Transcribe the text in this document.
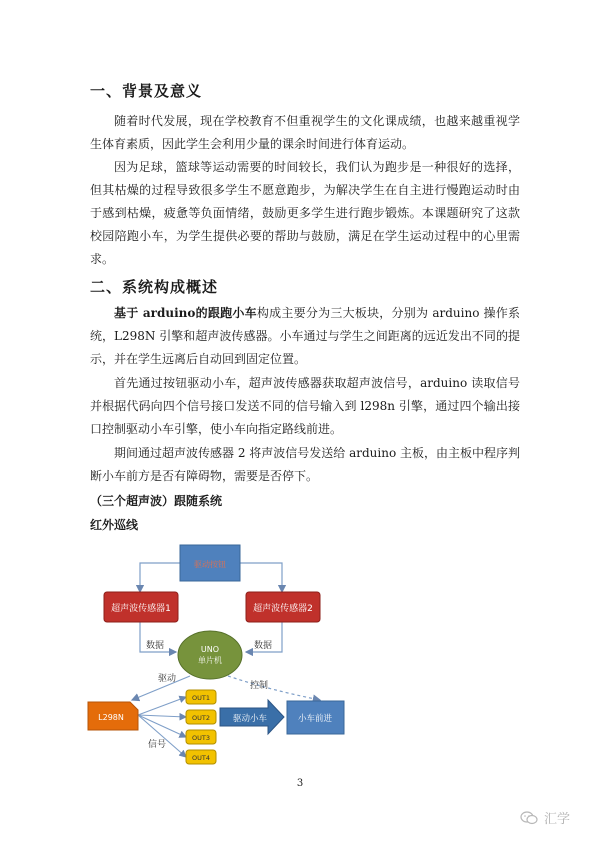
一、背景及意义

随着时代发展，现在学校教育不但重视学生的文化课成绩，也越来越重视学生体育素质，因此学生会利用少量的课余时间进行体育运动。

因为足球，篮球等运动需要的时间较长，我们认为跑步是一种很好的选择，但其枯燥的过程导致很多学生不愿意跑步，为解决学生在自主进行慢跑运动时由于感到枯燥，疲惫等负面情绪，鼓励更多学生进行跑步锻炼。本课题研究了这款校园陪跑小车，为学生提供必要的帮助与鼓励，满足在学生运动过程中的心里需求。

二、系统构成概述

基于 arduino的跟跑小车构成主要分为三大板块，分别为 arduino 操作系统，L298N 引擎和超声波传感器。小车通过与学生之间距离的远近发出不同的提示，并在学生远离后自动回到固定位置。

首先通过按钮驱动小车，超声波传感器获取超声波信号，arduino 读取信号并根据代码向四个信号接口发送不同的信号输入到 l298n 引擎，通过四个输出接口控制驱动小车引擎，使小车向指定路线前进。

期间通过超声波传感器 2 将声波信号发送给 arduino 主板，由主板中程序判断小车前方是否有障碍物，需要是否停下。

（三个超声波）跟随系统
红外巡线
驱动按钮
超声波传感器1	超声波传感器2
数据	数据
UNO
单片机
驱动
控制
L298N
信号
OUT1
OUT2
OUT3
OUT4
驱动小车	小车前进
3
汇学
